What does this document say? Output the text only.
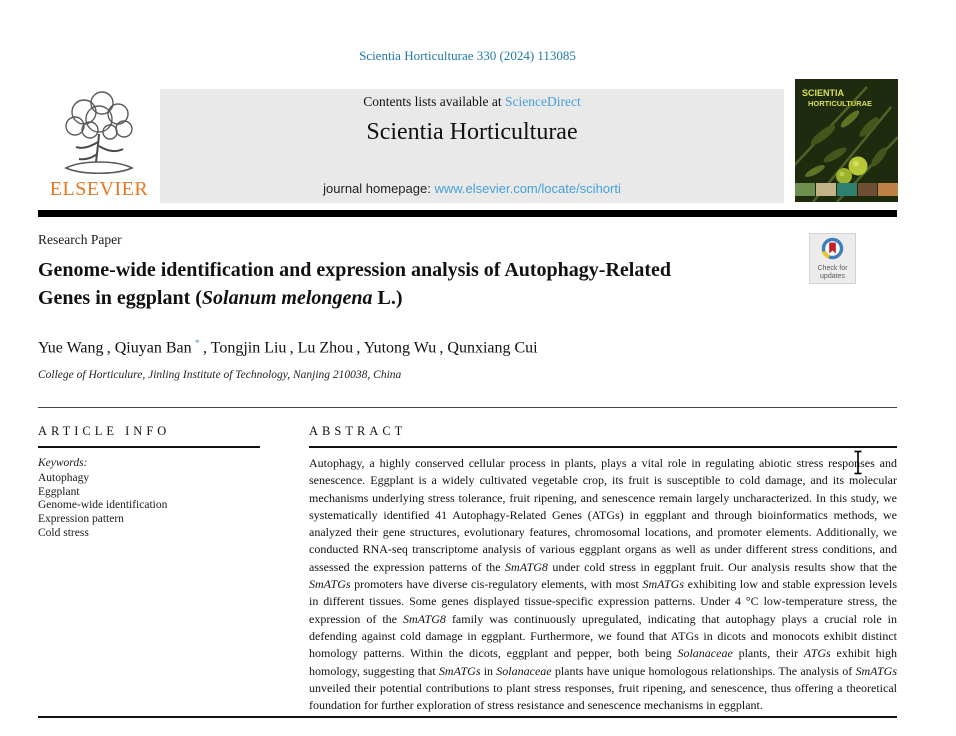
Scientia Horticulturae 330 (2024) 113085
ELSEVIER
Contents lists available at ScienceDirect
Scientia Horticulturae
journal homepage: www.elsevier.com/locate/scihorti
SCIENTIA
HORTICULTURAE
Research Paper
Genome-wide identification and expression analysis of Autophagy-Related
Genes in eggplant (Solanum melongena L.)
Check for updates
Yue Wang , Qiuyan Ban * , Tongjin Liu , Lu Zhou , Yutong Wu , Qunxiang Cui
College of Horticulure, Jinling Institute of Technology, Nanjing 210038, China
ARTICLE INFO
Keywords:
Autophagy
Eggplant
Genome-wide identification
Expression pattern
Cold stress
ABSTRACT
Autophagy, a highly conserved cellular process in plants, plays a vital role in regulating abiotic stress responses and senescence. Eggplant is a widely cultivated vegetable crop, its fruit is susceptible to cold damage, and its molecular mechanisms underlying stress tolerance, fruit ripening, and senescence remain largely uncharacterized. In this study, we systematically identified 41 Autophagy-Related Genes (ATGs) in eggplant and through bioinformatics methods, we analyzed their gene structures, evolutionary features, chromosomal locations, and promoter elements. Additionally, we conducted RNA-seq transcriptome analysis of various eggplant organs as well as under different stress conditions, and assessed the expression patterns of the SmATG8 under cold stress in eggplant fruit. Our analysis results show that the SmATGs promoters have diverse cis-regulatory elements, with most SmATGs exhibiting low and stable expression levels in different tissues. Some genes displayed tissue-specific expression patterns. Under 4 °C low-temperature stress, the expression of the SmATG8 family was continuously upregulated, indicating that autophagy plays a crucial role in defending against cold damage in eggplant. Furthermore, we found that ATGs in dicots and monocots exhibit distinct homology patterns. Within the dicots, eggplant and pepper, both being Solanaceae plants, their ATGs exhibit high homology, suggesting that SmATGs in Solanaceae plants have unique homologous relationships. The analysis of SmATGs unveiled their potential contributions to plant stress responses, fruit ripening, and senescence, thus offering a theoretical foundation for further exploration of stress resistance and senescence mechanisms in eggplant.
